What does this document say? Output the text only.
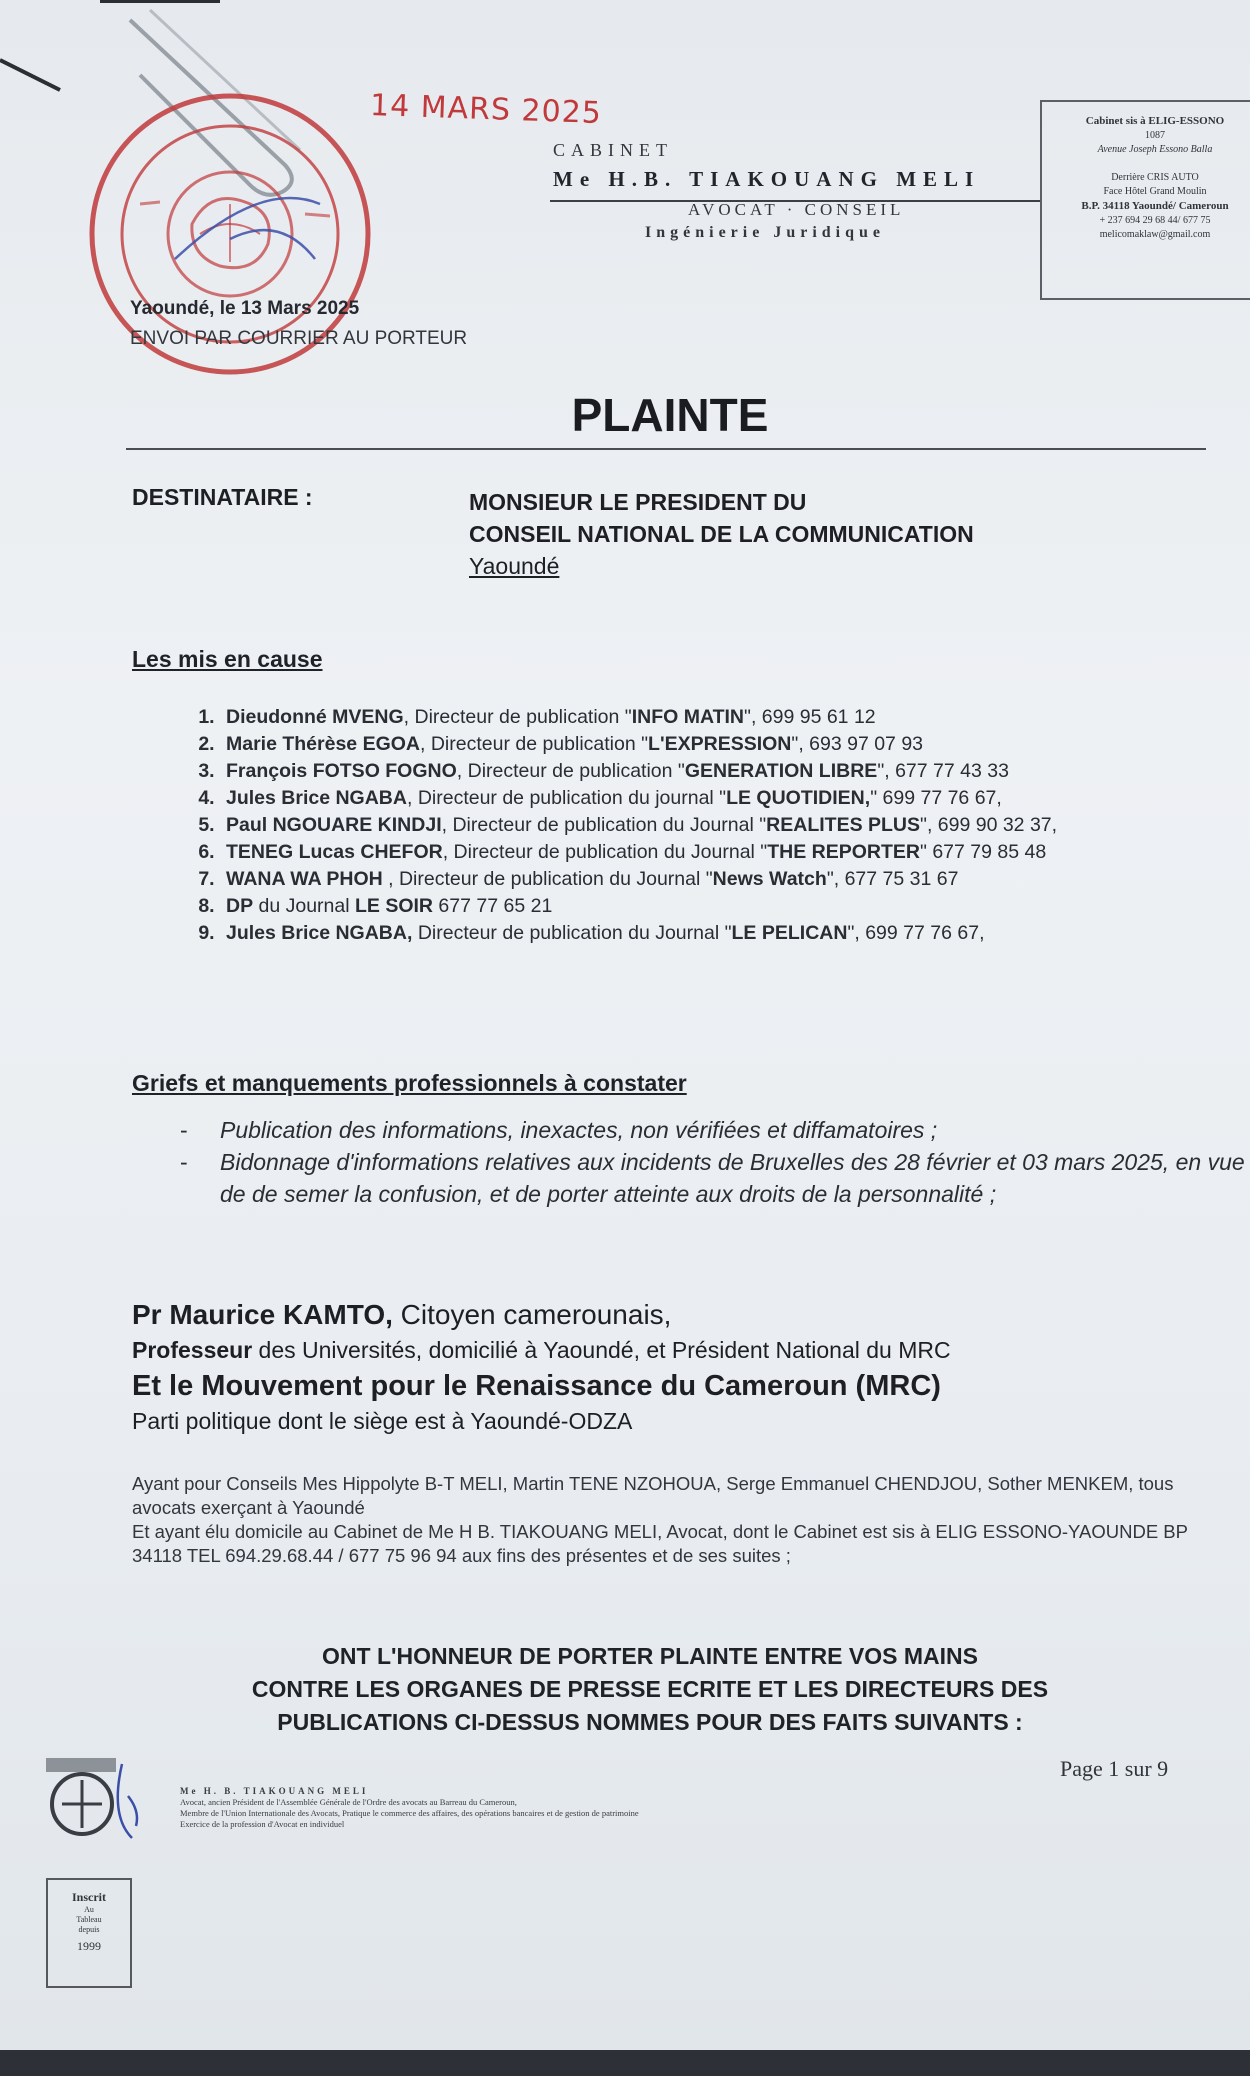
14 MARS 2025
CABINET
Me H.B. TIAKOUANG MELI
AVOCAT · CONSEIL
Ingénierie Juridique
Cabinet sis à ELIG-ESSONO
1087
Avenue Joseph Essono Balla

Derrière CRIS AUTO
Face Hôtel Grand Moulin
B.P. 34118 Yaoundé/ Cameroun
+ 237 694 29 68 44/ 677 75
melicomaklaw@gmail.com
Yaoundé, le 13 Mars 2025
ENVOI PAR COURRIER AU PORTEUR
PLAINTE
DESTINATAIRE :	MONSIEUR LE PRESIDENT DU
CONSEIL NATIONAL DE LA COMMUNICATION
Yaoundé
Les mis en cause
1. Dieudonné MVENG, Directeur de publication "INFO MATIN", 699 95 61 12
2. Marie Thérèse EGOA, Directeur de publication "L'EXPRESSION", 693 97 07 93
3. François FOTSO FOGNO, Directeur de publication "GENERATION LIBRE", 677 77 43 33
4. Jules Brice NGABA, Directeur de publication du journal "LE QUOTIDIEN," 699 77 76 67,
5. Paul NGOUARE KINDJI, Directeur de publication du Journal "REALITES PLUS", 699 90 32 37,
6. TENEG Lucas CHEFOR, Directeur de publication du Journal "THE REPORTER" 677 79 85 48
7. WANA WA PHOH , Directeur de publication du Journal "News Watch", 677 75 31 67
8. DP du Journal LE SOIR 677 77 65 21
9. Jules Brice NGABA, Directeur de publication du Journal "LE PELICAN", 699 77 76 67,
Griefs et manquements professionnels à constater
- Publication des informations, inexactes, non vérifiées et diffamatoires ;
- Bidonnage d'informations relatives aux incidents de Bruxelles des 28 février et 03 mars 2025, en vue de de semer la confusion, et de porter atteinte aux droits de la personnalité ;
Pr Maurice KAMTO, Citoyen camerounais,
Professeur des Universités, domicilié à Yaoundé, et Président National du MRC
Et le Mouvement pour le Renaissance du Cameroun (MRC)
Parti politique dont le siège est à Yaoundé-ODZA

Ayant pour Conseils Mes Hippolyte B-T MELI, Martin TENE NZOHOUA, Serge Emmanuel CHENDJOU, Sother MENKEM, tous avocats exerçant à Yaoundé

Et ayant élu domicile au Cabinet de Me H B. TIAKOUANG MELI, Avocat, dont le Cabinet est sis à ELIG ESSONO-YAOUNDE BP 34118 TEL 694.29.68.44 / 677 75 96 94 aux fins des présentes et de ses suites ;

ONT L'HONNEUR DE PORTER PLAINTE ENTRE VOS MAINS
CONTRE LES ORGANES DE PRESSE ECRITE ET LES DIRECTEURS DES
PUBLICATIONS CI-DESSUS NOMMES POUR DES FAITS SUIVANTS :
Me H. B. TIAKOUANG MELI
Avocat, ancien Président de l'Assemblée Générale de l'Ordre des avocats au Barreau du Cameroun,
Membre de l'Union Internationale des Avocats, Pratique le commerce des affaires, des opérations bancaires et de gestion de patrimoine
Exercice de la profession d'Avocat en individuel
Page 1 sur 9
Inscrit
Au
Tableau
depuis
1999
